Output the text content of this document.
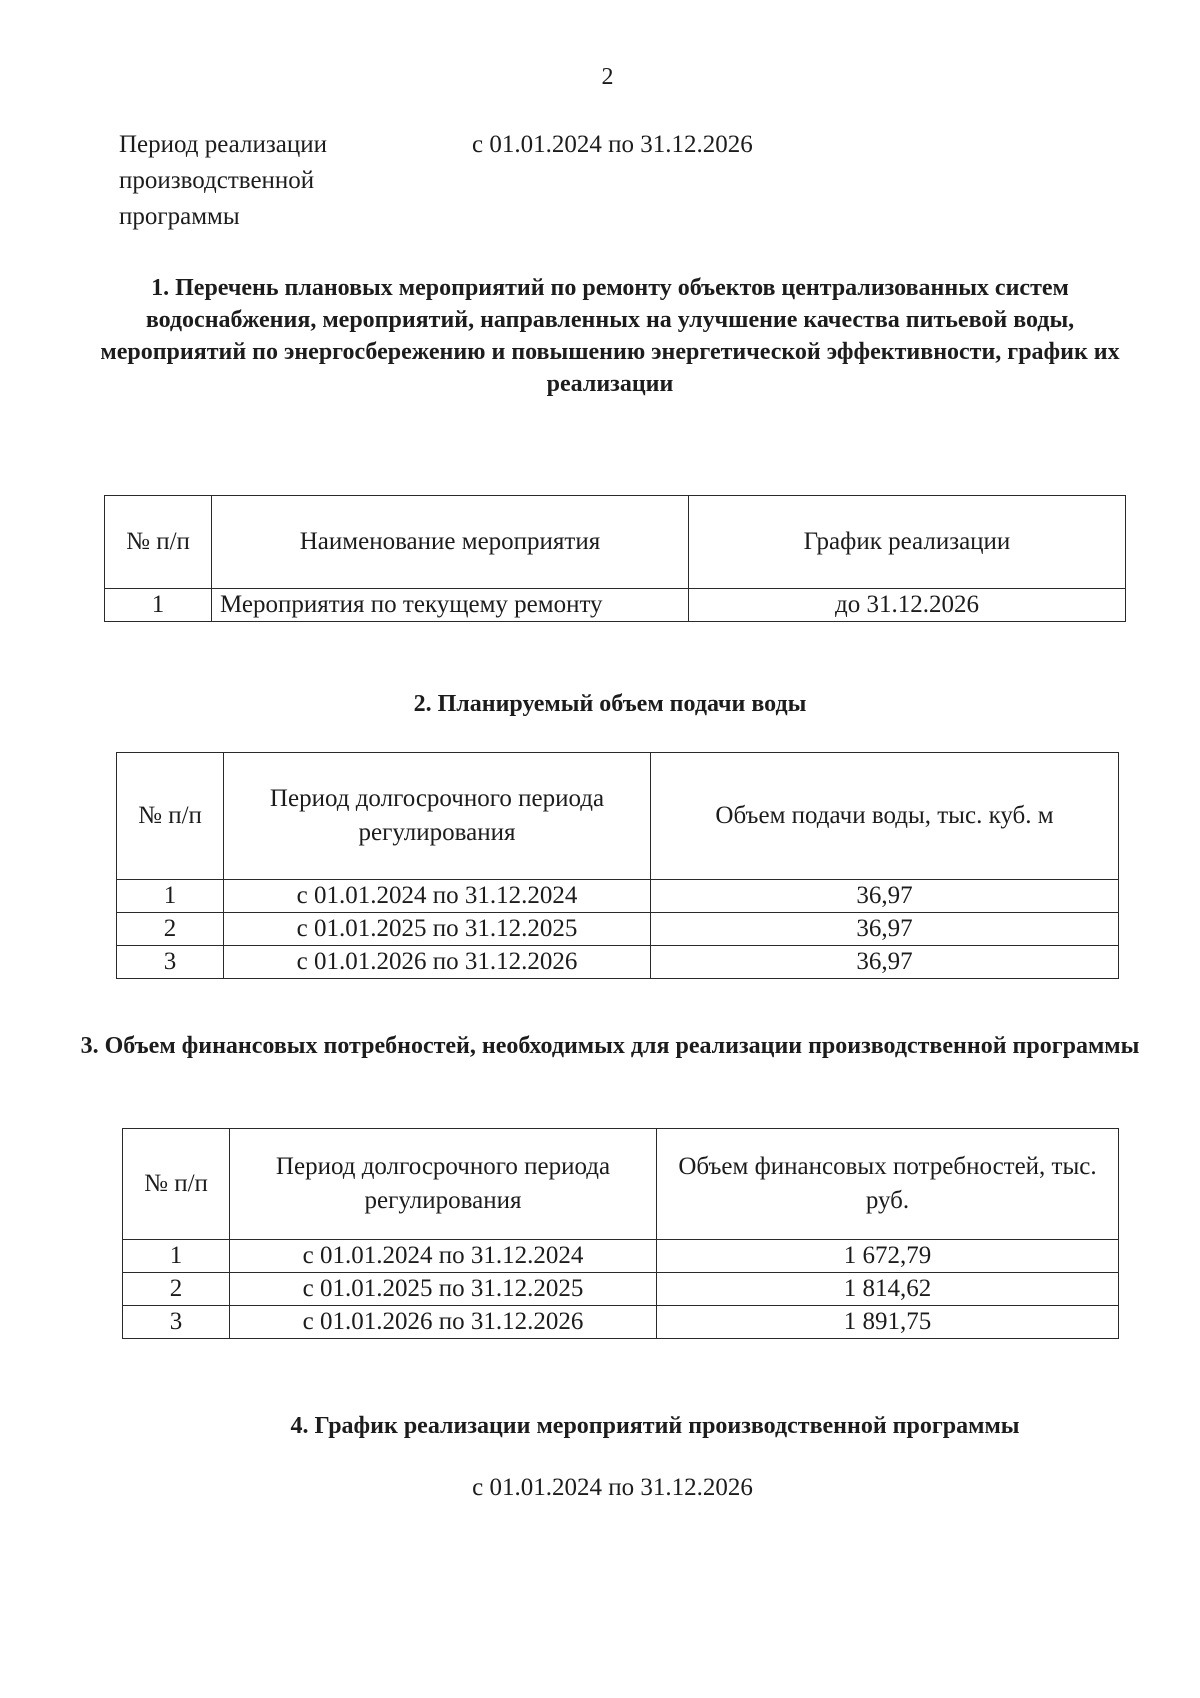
2
Период реализации производственной программы
с 01.01.2024 по 31.12.2026
1. Перечень плановых мероприятий по ремонту объектов централизованных систем водоснабжения, мероприятий, направленных на улучшение качества питьевой воды, мероприятий по энергосбережению и повышению энергетической эффективности, график их реализации
№ п/п	Наименование мероприятия	График реализации
1	Мероприятия по текущему ремонту	до 31.12.2026
2. Планируемый объем подачи воды
№ п/п	Период долгосрочного периода регулирования	Объем подачи воды, тыс. куб. м
1	с 01.01.2024 по 31.12.2024	36,97
2	с 01.01.2025 по 31.12.2025	36,97
3	с 01.01.2026 по 31.12.2026	36,97
3. Объем финансовых потребностей, необходимых для реализации производственной программы
№ п/п	Период долгосрочного периода регулирования	Объем финансовых потребностей, тыс. руб.
1	с 01.01.2024 по 31.12.2024	1 672,79
2	с 01.01.2025 по 31.12.2025	1 814,62
3	с 01.01.2026 по 31.12.2026	1 891,75
4. График реализации мероприятий производственной программы
с 01.01.2024 по 31.12.2026
